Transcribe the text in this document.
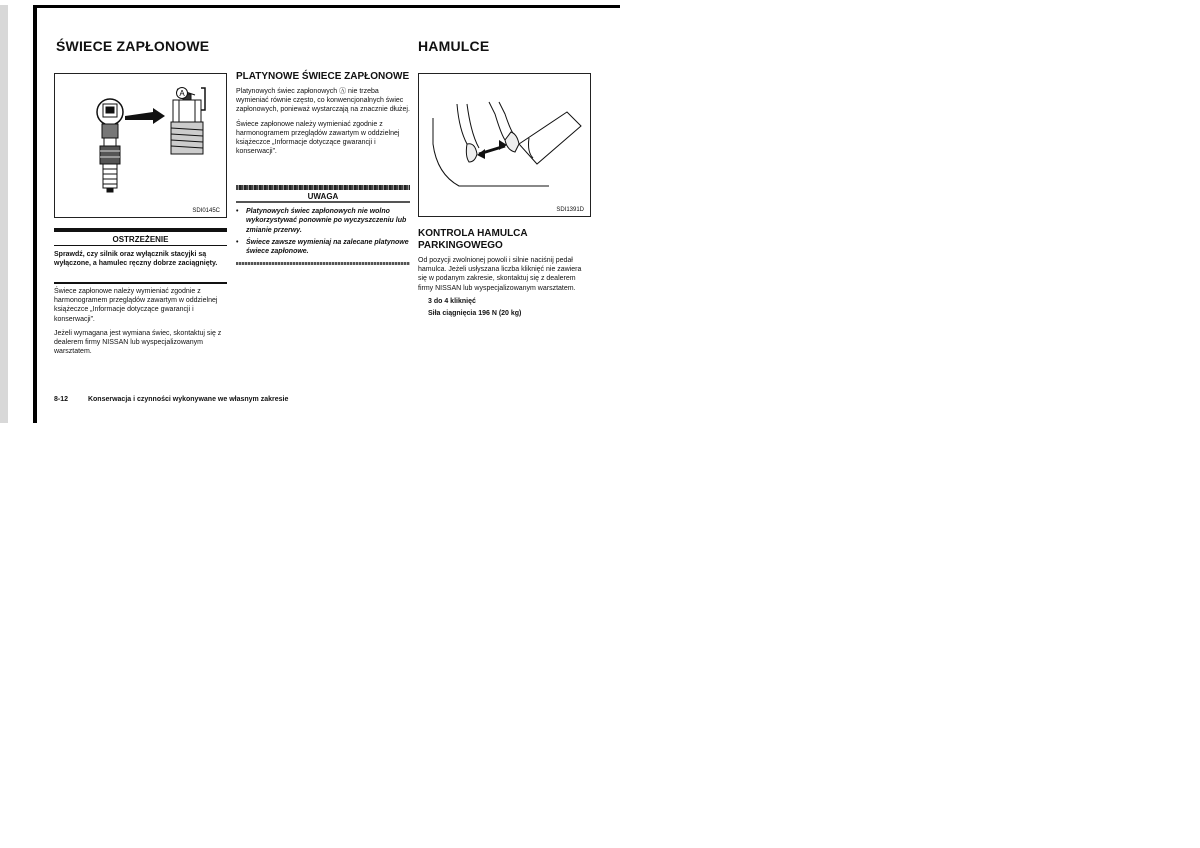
ŚWIECE ZAPŁONOWE
A
SDI0145C
OSTRZEŻENIE

Sprawdź, czy silnik oraz wyłącznik stacyjki są wyłączone, a hamulec ręczny dobrze zaciągnięty.

Świece zapłonowe należy wymieniać zgodnie z harmonogramem przeglądów zawartym w oddzielnej książeczce „Informacje dotyczące gwarancji i konserwacji”.

Jeżeli wymagana jest wymiana świec, skontaktuj się z dealerem firmy NISSAN lub wyspecjalizowanym warsztatem.

PLATYNOWE ŚWIECE ZAPŁONOWE

Platynowych świec zapłonowych Ⓐ nie trzeba wymieniać równie często, co konwencjonalnych świec zapłonowych, ponieważ wystarczają na znacznie dłużej.

Świece zapłonowe należy wymieniać zgodnie z harmonogramem przeglądów zawartym w oddzielnej książeczce „Informacje dotyczące gwarancji i konserwacji”.

UWAGA
• Platynowych świec zapłonowych nie wolno wykorzystywać ponownie po wyczyszczeniu lub zmianie przerwy.
• Świece zawsze wymieniaj na zalecane platynowe świece zapłonowe.
HAMULCE
SDI1391D
KONTROLA HAMULCA PARKINGOWEGO

Od pozycji zwolnionej powoli i silnie naciśnij pedał hamulca. Jeżeli usłyszana liczba kliknięć nie zawiera się w podanym zakresie, skontaktuj się z dealerem firmy NISSAN lub wyspecjalizowanym warsztatem.

3 do 4 kliknięć

Siła ciągnięcia 196 N (20 kg)

8-12	Konserwacja i czynności wykonywane we własnym zakresie
